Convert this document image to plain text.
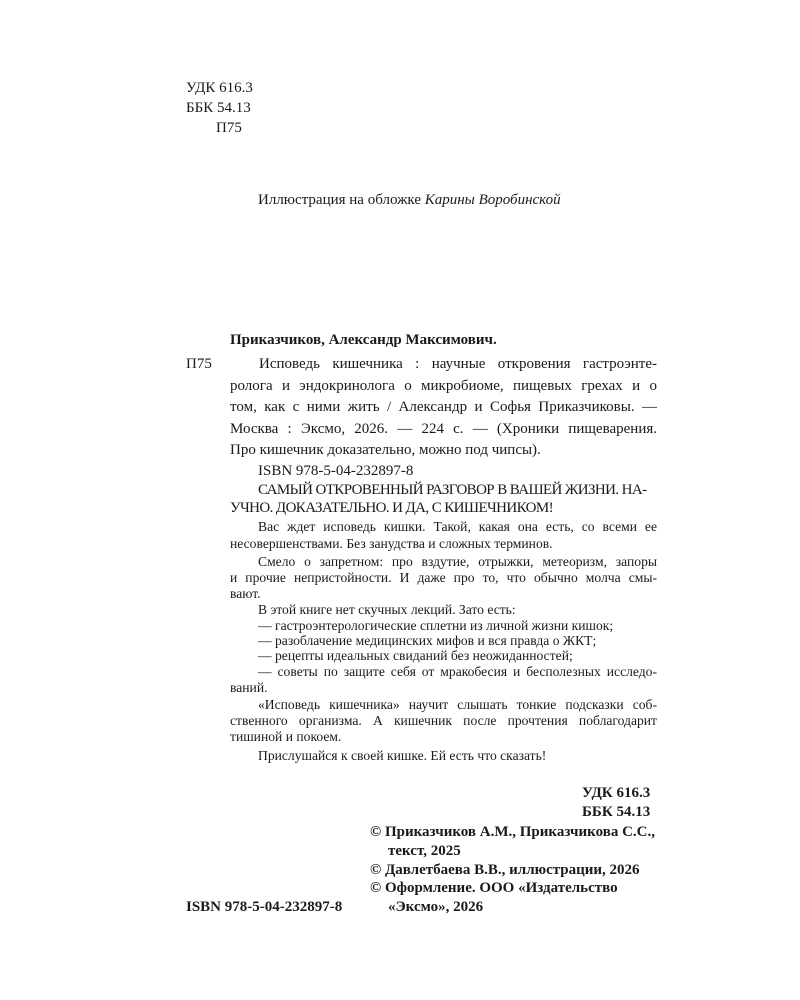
УДК 616.3
ББК 54.13
П75
Иллюстрация на обложке Карины Воробинской
Приказчиков, Александр Максимович.
П75	Исповедь кишечника : научные откровения гастроэнте-
ролога и эндокринолога о микробиоме, пищевых грехах и о
том, как с ними жить / Александр и Софья Приказчиковы. —
Москва : Эксмо, 2026. — 224 с. — (Хроники пищеварения.
Про кишечник доказательно, можно под чипсы).
ISBN 978-5-04-232897-8
САМЫЙ ОТКРОВЕННЫЙ РАЗГОВОР В ВАШЕЙ ЖИЗНИ. НА-
УЧНО. ДОКАЗАТЕЛЬНО. И ДА, С КИШЕЧНИКОМ!
Вас ждет исповедь кишки. Такой, какая она есть, со всеми ее
несовершенствами. Без занудства и сложных терминов.
Смело о запретном: про вздутие, отрыжки, метеоризм, запоры
и прочие непристойности. И даже про то, что обычно молча смы-
вают.
В этой книге нет скучных лекций. Зато есть:
— гастроэнтерологические сплетни из личной жизни кишок;
— разоблачение медицинских мифов и вся правда о ЖКТ;
— рецепты идеальных свиданий без неожиданностей;
— советы по защите себя от мракобесия и бесполезных исследо-
ваний.
«Исповедь кишечника» научит слышать тонкие подсказки соб-
ственного организма. А кишечник после прочтения поблагодарит
тишиной и покоем.
Прислушайся к своей кишке. Ей есть что сказать!
УДК 616.3
ББК 54.13
© Приказчиков А.М., Приказчикова С.С.,
текст, 2025
© Давлетбаева В.В., иллюстрации, 2026
© Оформление. ООО «Издательство
«Эксмо», 2026
ISBN 978-5-04-232897-8
